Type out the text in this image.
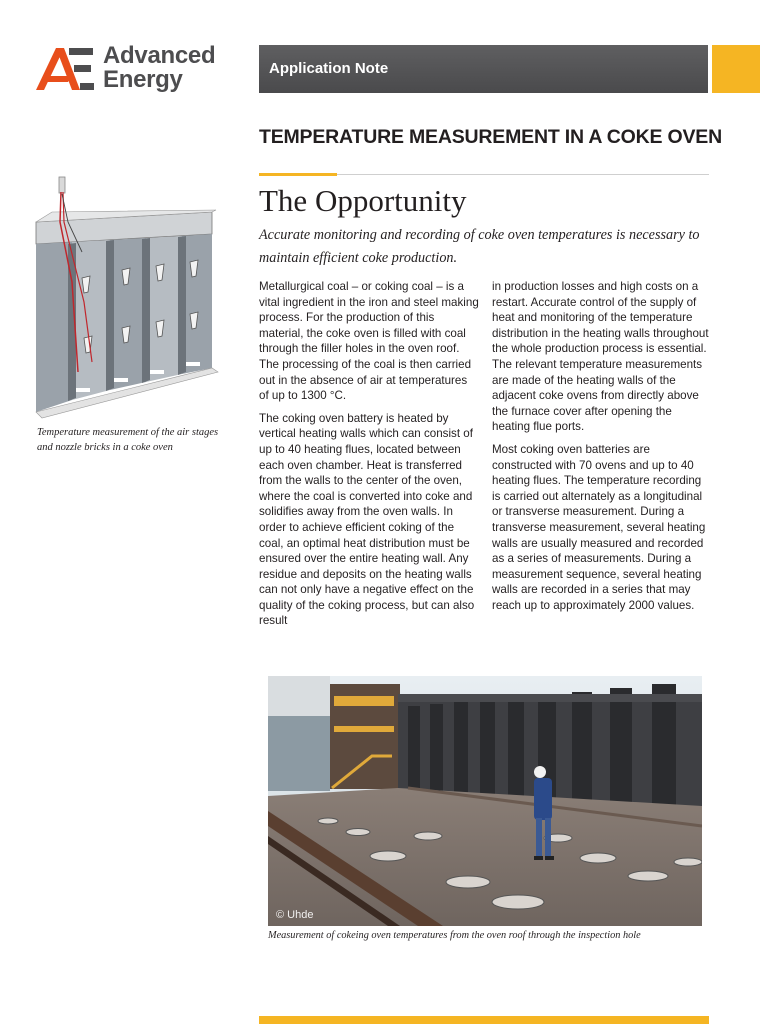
Advanced
Energy	Application Note
TEMPERATURE MEASUREMENT IN A COKE OVEN
The Opportunity
Accurate monitoring and recording of coke oven temperatures is necessary to maintain efficient coke production.
Temperature measurement of the air stages and nozzle bricks in a coke oven

Metallurgical coal – or coking coal – is a vital ingredient in the iron and steel making process. For the production of this material, the coke oven is filled with coal through the filler holes in the oven roof. The processing of the coal is then carried out in the absence of air at temperatures of up to 1300 °C.

The coking oven battery is heated by vertical heating walls which can consist of up to 40 heating flues, located between each oven chamber. Heat is transferred from the walls to the center of the oven, where the coal is converted into coke and solidifies away from the oven walls. In order to achieve efficient coking of the coal, an optimal heat distribution must be ensured over the entire heating wall. Any residue and deposits on the heating walls can not only have a negative effect on the quality of the coking process, but can also result

in production losses and high costs on a restart. Accurate control of the supply of heat and monitoring of the temperature distribution in the heating walls throughout the whole production process is essential. The relevant temperature measurements are made of the heating walls of the adjacent coke ovens from directly above the furnace cover after opening the heating flue ports.

Most coking oven batteries are constructed with 70 ovens and up to 40 heating flues. The temperature recording is carried out alternately as a longitudinal or transverse measurement. During a transverse measurement, several heating walls are usually measured and recorded as a series of measurements. During a measurement sequence, several heating walls are recorded in a series that may reach up to approximately 2000 values.

© Uhde
Measurement of cokeing oven temperatures from the oven roof through the inspection hole
